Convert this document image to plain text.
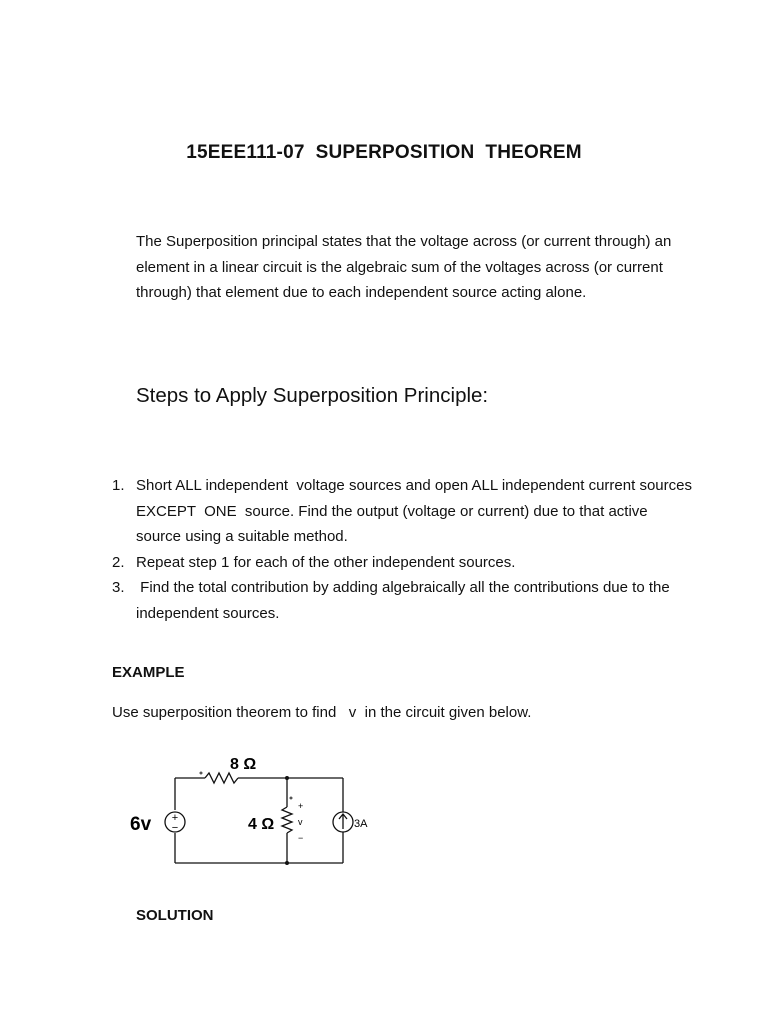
15EEE111-07  SUPERPOSITION  THEOREM

The Superposition principal states that the voltage across (or current through) an element in a linear circuit is the algebraic sum of the voltages across (or current through) that element due to each independent source acting alone.

Steps to Apply Superposition Principle:

1. Short ALL independent  voltage sources and open ALL independent current sources  EXCEPT  ONE  source. Find the output (voltage or current) due to that active source using a suitable method.
2. Repeat step 1 for each of the other independent sources.
3. Find the total contribution by adding algebraically all the contributions due to the independent sources.

EXAMPLE

Use superposition theorem to find   v  in the circuit given below.

+
−
6v
8 Ω
4 Ω
+
v
−
3A

SOLUTION
